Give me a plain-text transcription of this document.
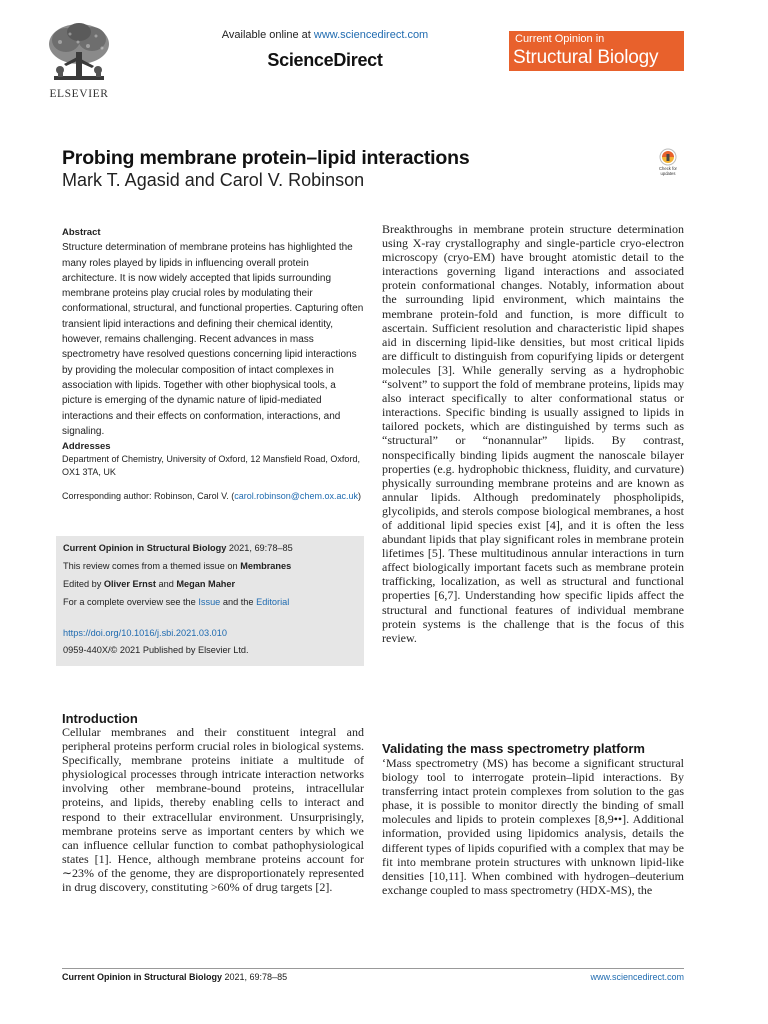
ELSEVIER
Available online at www.sciencedirect.com
ScienceDirect
Current Opinion in
Structural Biology
Probing membrane protein–lipid interactions
Mark T. Agasid and Carol V. Robinson
Check for
updates
Abstract
Structure determination of membrane proteins has highlighted the many roles played by lipids in influencing overall protein architecture. It is now widely accepted that lipids surrounding membrane proteins play crucial roles by modulating their conformational, structural, and functional properties. Capturing often transient lipid interactions and defining their chemical identity, however, remains challenging. Recent advances in mass spectrometry have resolved questions concerning lipid interactions by providing the molecular composition of intact complexes in association with lipids. Together with other biophysical tools, a picture is emerging of the dynamic nature of lipid-mediated interactions and their effects on conformation, interactions, and signaling.
Addresses
Department of Chemistry, University of Oxford, 12 Mansfield Road, Oxford, OX1 3TA, UK
Corresponding author: Robinson, Carol V. (carol.robinson@chem.ox.ac.uk)
Current Opinion in Structural Biology 2021, 69:78–85
This review comes from a themed issue on Membranes
Edited by Oliver Ernst and Megan Maher
For a complete overview see the Issue and the Editorial
https://doi.org/10.1016/j.sbi.2021.03.010
0959-440X/© 2021 Published by Elsevier Ltd.
Introduction
Cellular membranes and their constituent integral and peripheral proteins perform crucial roles in biological systems. Specifically, membrane proteins initiate a multitude of physiological processes through intricate interaction networks involving other membrane-bound proteins, intracellular proteins, and lipids, thereby enabling cells to interact and respond to their extracellular environment. Unsurprisingly, membrane proteins serve as important centers by which we can influence cellular function to combat pathophysiological states [1]. Hence, although membrane proteins account for ∼23% of the genome, they are disproportionately represented in drug discovery, constituting >60% of drug targets [2].
Breakthroughs in membrane protein structure determination using X-ray crystallography and single-particle cryo-electron microscopy (cryo-EM) have brought atomistic detail to the interactions governing ligand interactions and associated protein conformational changes. Notably, information about the surrounding lipid environment, which maintains the membrane protein-fold and function, is more difficult to ascertain. Sufficient resolution and characteristic lipid shapes aid in discerning lipid-like densities, but most critical lipids are difficult to distinguish from copurifying lipids or detergent molecules [3]. While generally serving as a hydrophobic “solvent” to support the fold of membrane proteins, lipids may also interact specifically to alter conformational status or interactions. Specific binding is usually assigned to lipids in tailored pockets, which are distinguished by terms such as “structural” or “nonannular” lipids. By contrast, nonspecifically binding lipids augment the nanoscale bilayer properties (e.g. hydrophobic thickness, fluidity, and curvature) physically surrounding membrane proteins and are known as annular lipids. Although predominately phospholipids, glycolipids, and sterols compose biological membranes, a host of additional lipid species exist [4], and it is often the less abundant lipids that play significant roles in membrane protein lifetimes [5]. These multitudinous annular interactions in turn affect biologically important facets such as membrane protein trafficking, localization, as well as structural and functional properties [6,7]. Understanding how specific lipids affect the structural and functional features of individual membrane protein systems is the challenge that is the focus of this review.
Validating the mass spectrometry platform
‘Mass spectrometry (MS) has become a significant structural biology tool to interrogate protein–lipid interactions. By transferring intact protein complexes from solution to the gas phase, it is possible to monitor directly the binding of small molecules and lipids to protein complexes [8,9••]. Additional information, provided using lipidomics analysis, details the different types of lipids copurified with a complex that may be fit into membrane protein structures with unknown lipid-like densities [10,11]. When combined with hydrogen–deuterium exchange coupled to mass spectrometry (HDX-MS), the
Current Opinion in Structural Biology 2021, 69:78–85	www.sciencedirect.com
